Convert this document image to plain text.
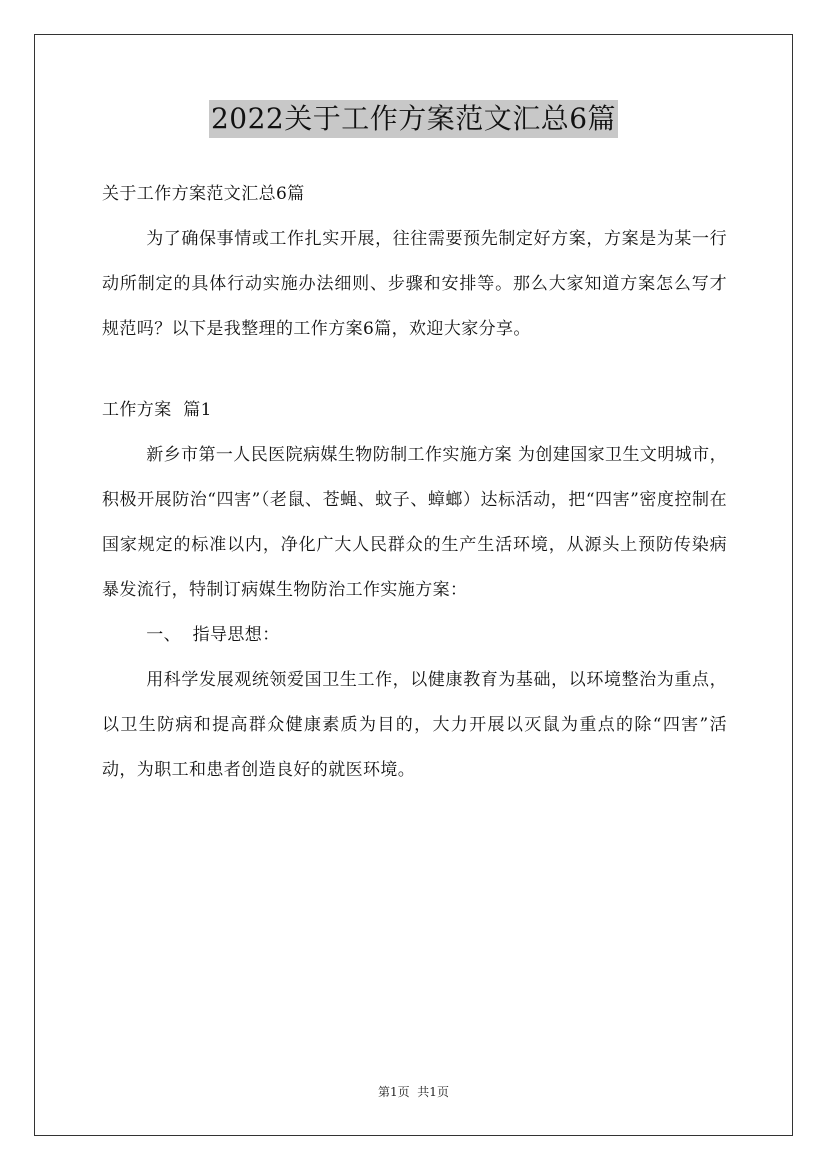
2022关于工作方案范文汇总6篇

关于工作方案范文汇总6篇

为了确保事情或工作扎实开展，往往需要预先制定好方案，方案是为某一行动所制定的具体行动实施办法细则、步骤和安排等。那么大家知道方案怎么写才规范吗？以下是我整理的工作方案6篇，欢迎大家分享。

工作方案  篇1

新乡市第一人民医院病媒生物防制工作实施方案 为创建国家卫生文明城市，积极开展防治“四害”（老鼠、苍蝇、蚊子、蟑螂）达标活动，把“四害”密度控制在国家规定的标准以内，净化广大人民群众的生产生活环境，从源头上预防传染病暴发流行，特制订病媒生物防治工作实施方案：

一、  指导思想：

用科学发展观统领爱国卫生工作，以健康教育为基础，以环境整治为重点，以卫生防病和提高群众健康素质为目的，大力开展以灭鼠为重点的除“四害”活动，为职工和患者创造良好的就医环境。

第1页  共1页
